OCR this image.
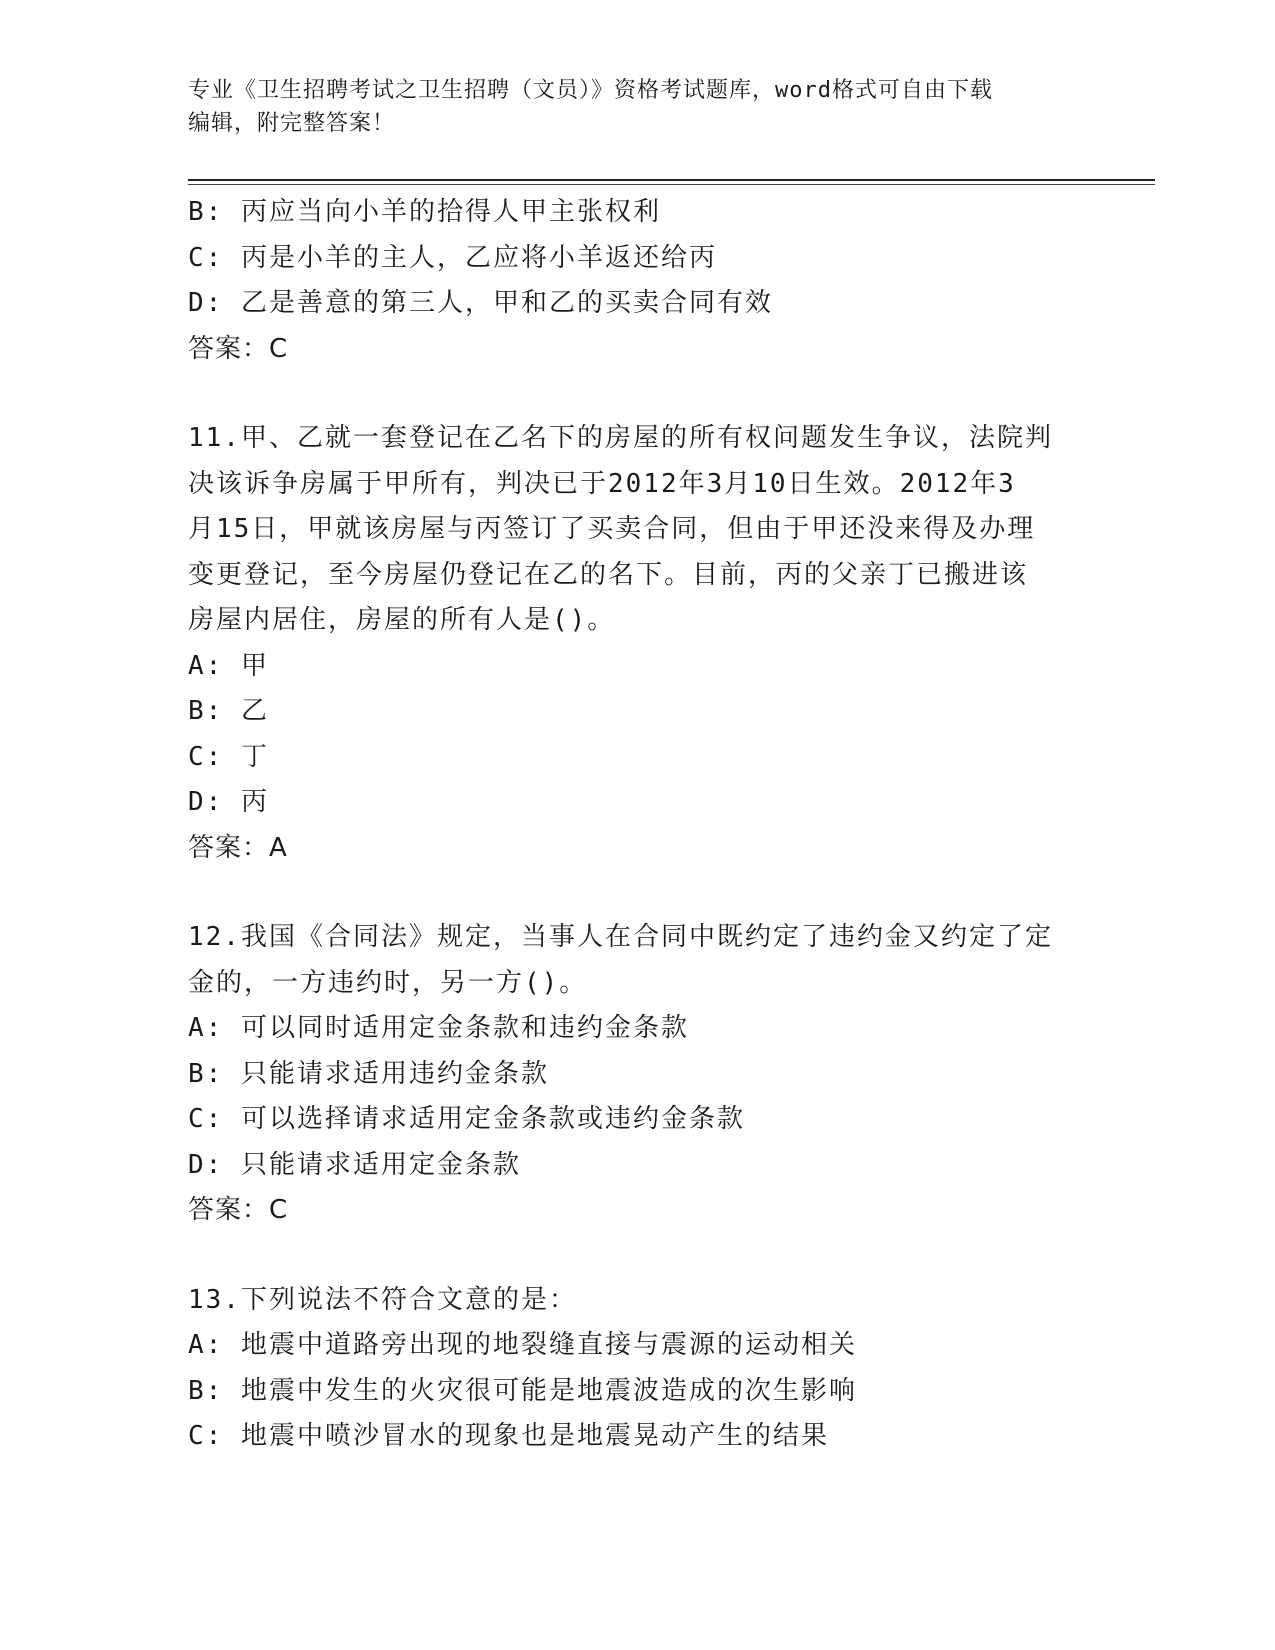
专业《卫生招聘考试之卫生招聘（文员）》资格考试题库，word格式可自由下载
编辑，附完整答案！
B: 丙应当向小羊的拾得人甲主张权利
C: 丙是小羊的主人，乙应将小羊返还给丙
D: 乙是善意的第三人，甲和乙的买卖合同有效
答案：C
11.甲、乙就一套登记在乙名下的房屋的所有权问题发生争议，法院判
决该诉争房属于甲所有，判决已于2012年3月10日生效。2012年3
月15日，甲就该房屋与丙签订了买卖合同，但由于甲还没来得及办理
变更登记，至今房屋仍登记在乙的名下。目前，丙的父亲丁已搬进该
房屋内居住，房屋的所有人是()。
A: 甲
B: 乙
C: 丁
D: 丙
答案：A
12.我国《合同法》规定，当事人在合同中既约定了违约金又约定了定
金的，一方违约时，另一方()。
A: 可以同时适用定金条款和违约金条款
B: 只能请求适用违约金条款
C: 可以选择请求适用定金条款或违约金条款
D: 只能请求适用定金条款
答案：C
13.下列说法不符合文意的是：
A: 地震中道路旁出现的地裂缝直接与震源的运动相关
B: 地震中发生的火灾很可能是地震波造成的次生影响
C: 地震中喷沙冒水的现象也是地震晃动产生的结果
